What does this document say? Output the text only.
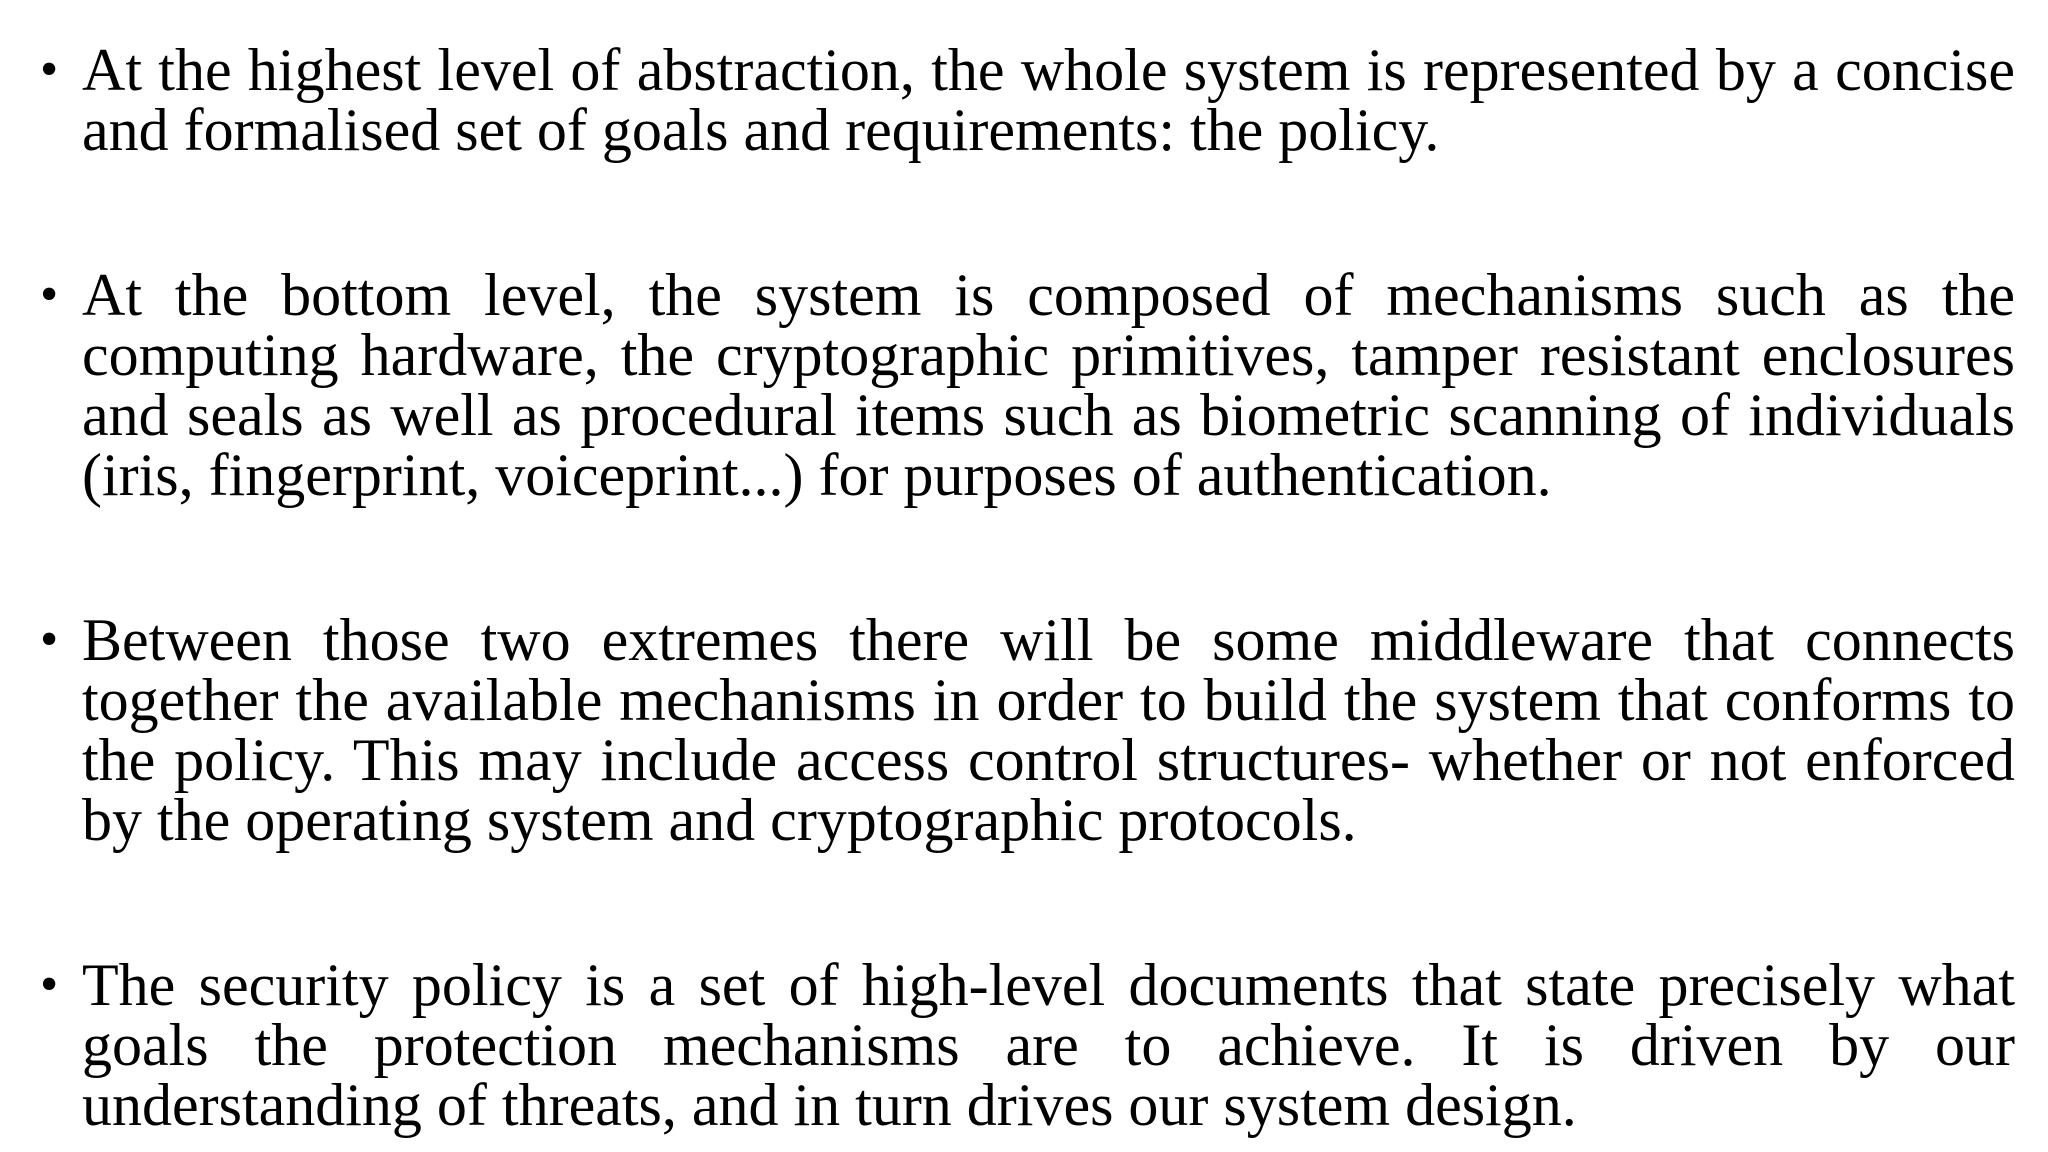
• At the highest level of abstraction, the whole system is represented by a concise and formalised set of goals and requirements: the policy.
• At the bottom level, the system is composed of mechanisms such as the computing hardware, the cryptographic primitives, tamper resistant enclosures and seals as well as procedural items such as biometric scanning of individuals (iris, fingerprint, voiceprint...) for purposes of authentication.
• Between those two extremes there will be some middleware that connects together the available mechanisms in order to build the system that conforms to the policy. This may include access control structures- whether or not enforced by the operating system and cryptographic protocols.
• The security policy is a set of high-level documents that state precisely what goals the protection mechanisms are to achieve. It is driven by our understanding of threats, and in turn drives our system design.
